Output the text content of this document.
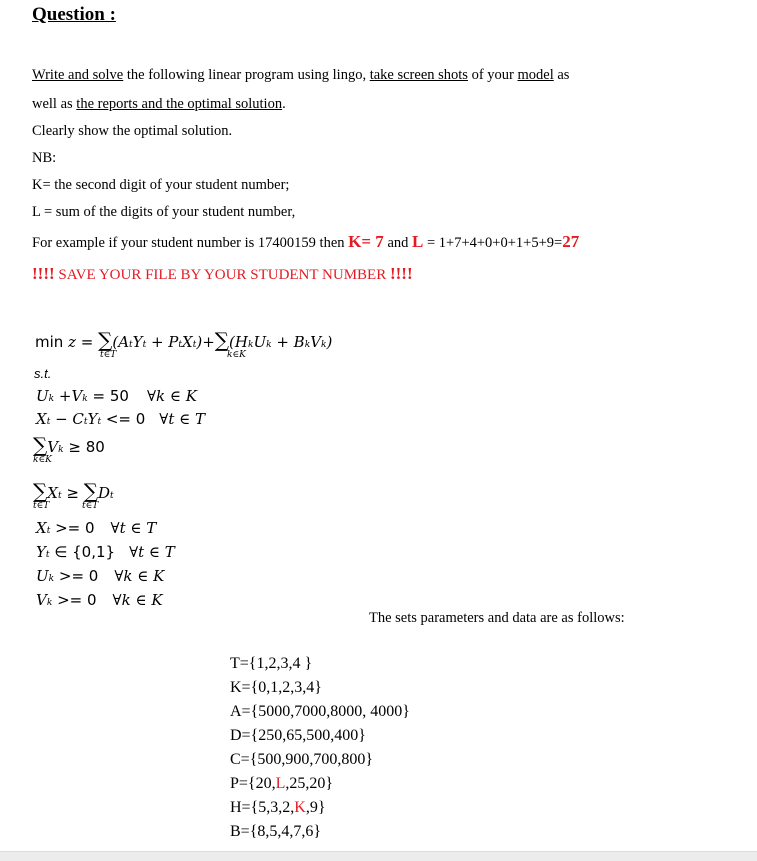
Question :
Write and solve the following linear program using lingo, take screen shots of your model as
well as the reports and the optimal solution.
Clearly show the optimal solution.
NB:
K= the second digit of your student number;
L = sum of the digits of your student number,
For example if your student number is 17400159 then K= 7 and L = 1+7+4+0+0+1+5+9=27
!!!! SAVE YOUR FILE BY YOUR STUDENT NUMBER !!!!
min z = ∑(AtYt + PtXt)+∑(HkUk + BkVk)
t∈T	k∈K
s.t.
Uk +Vk = 50 ∀k ∈ K
Xt − CtYt <= 0 ∀t ∈ T
∑Vk ≥ 80
k∈K
∑Xt ≥ ∑Dt
t∈T	t∈T
Xt >= 0 ∀t ∈ T
Yt ∈ {0,1} ∀t ∈ T
Uk >= 0 ∀k ∈ K
Vk >= 0 ∀k ∈ K
The sets parameters and data are as follows:
T={1,2,3,4 }
K={0,1,2,3,4}
A={5000,7000,8000, 4000}
D={250,65,500,400}
C={500,900,700,800}
P={20,L,25,20}
H={5,3,2,K,9}
B={8,5,4,7,6}
